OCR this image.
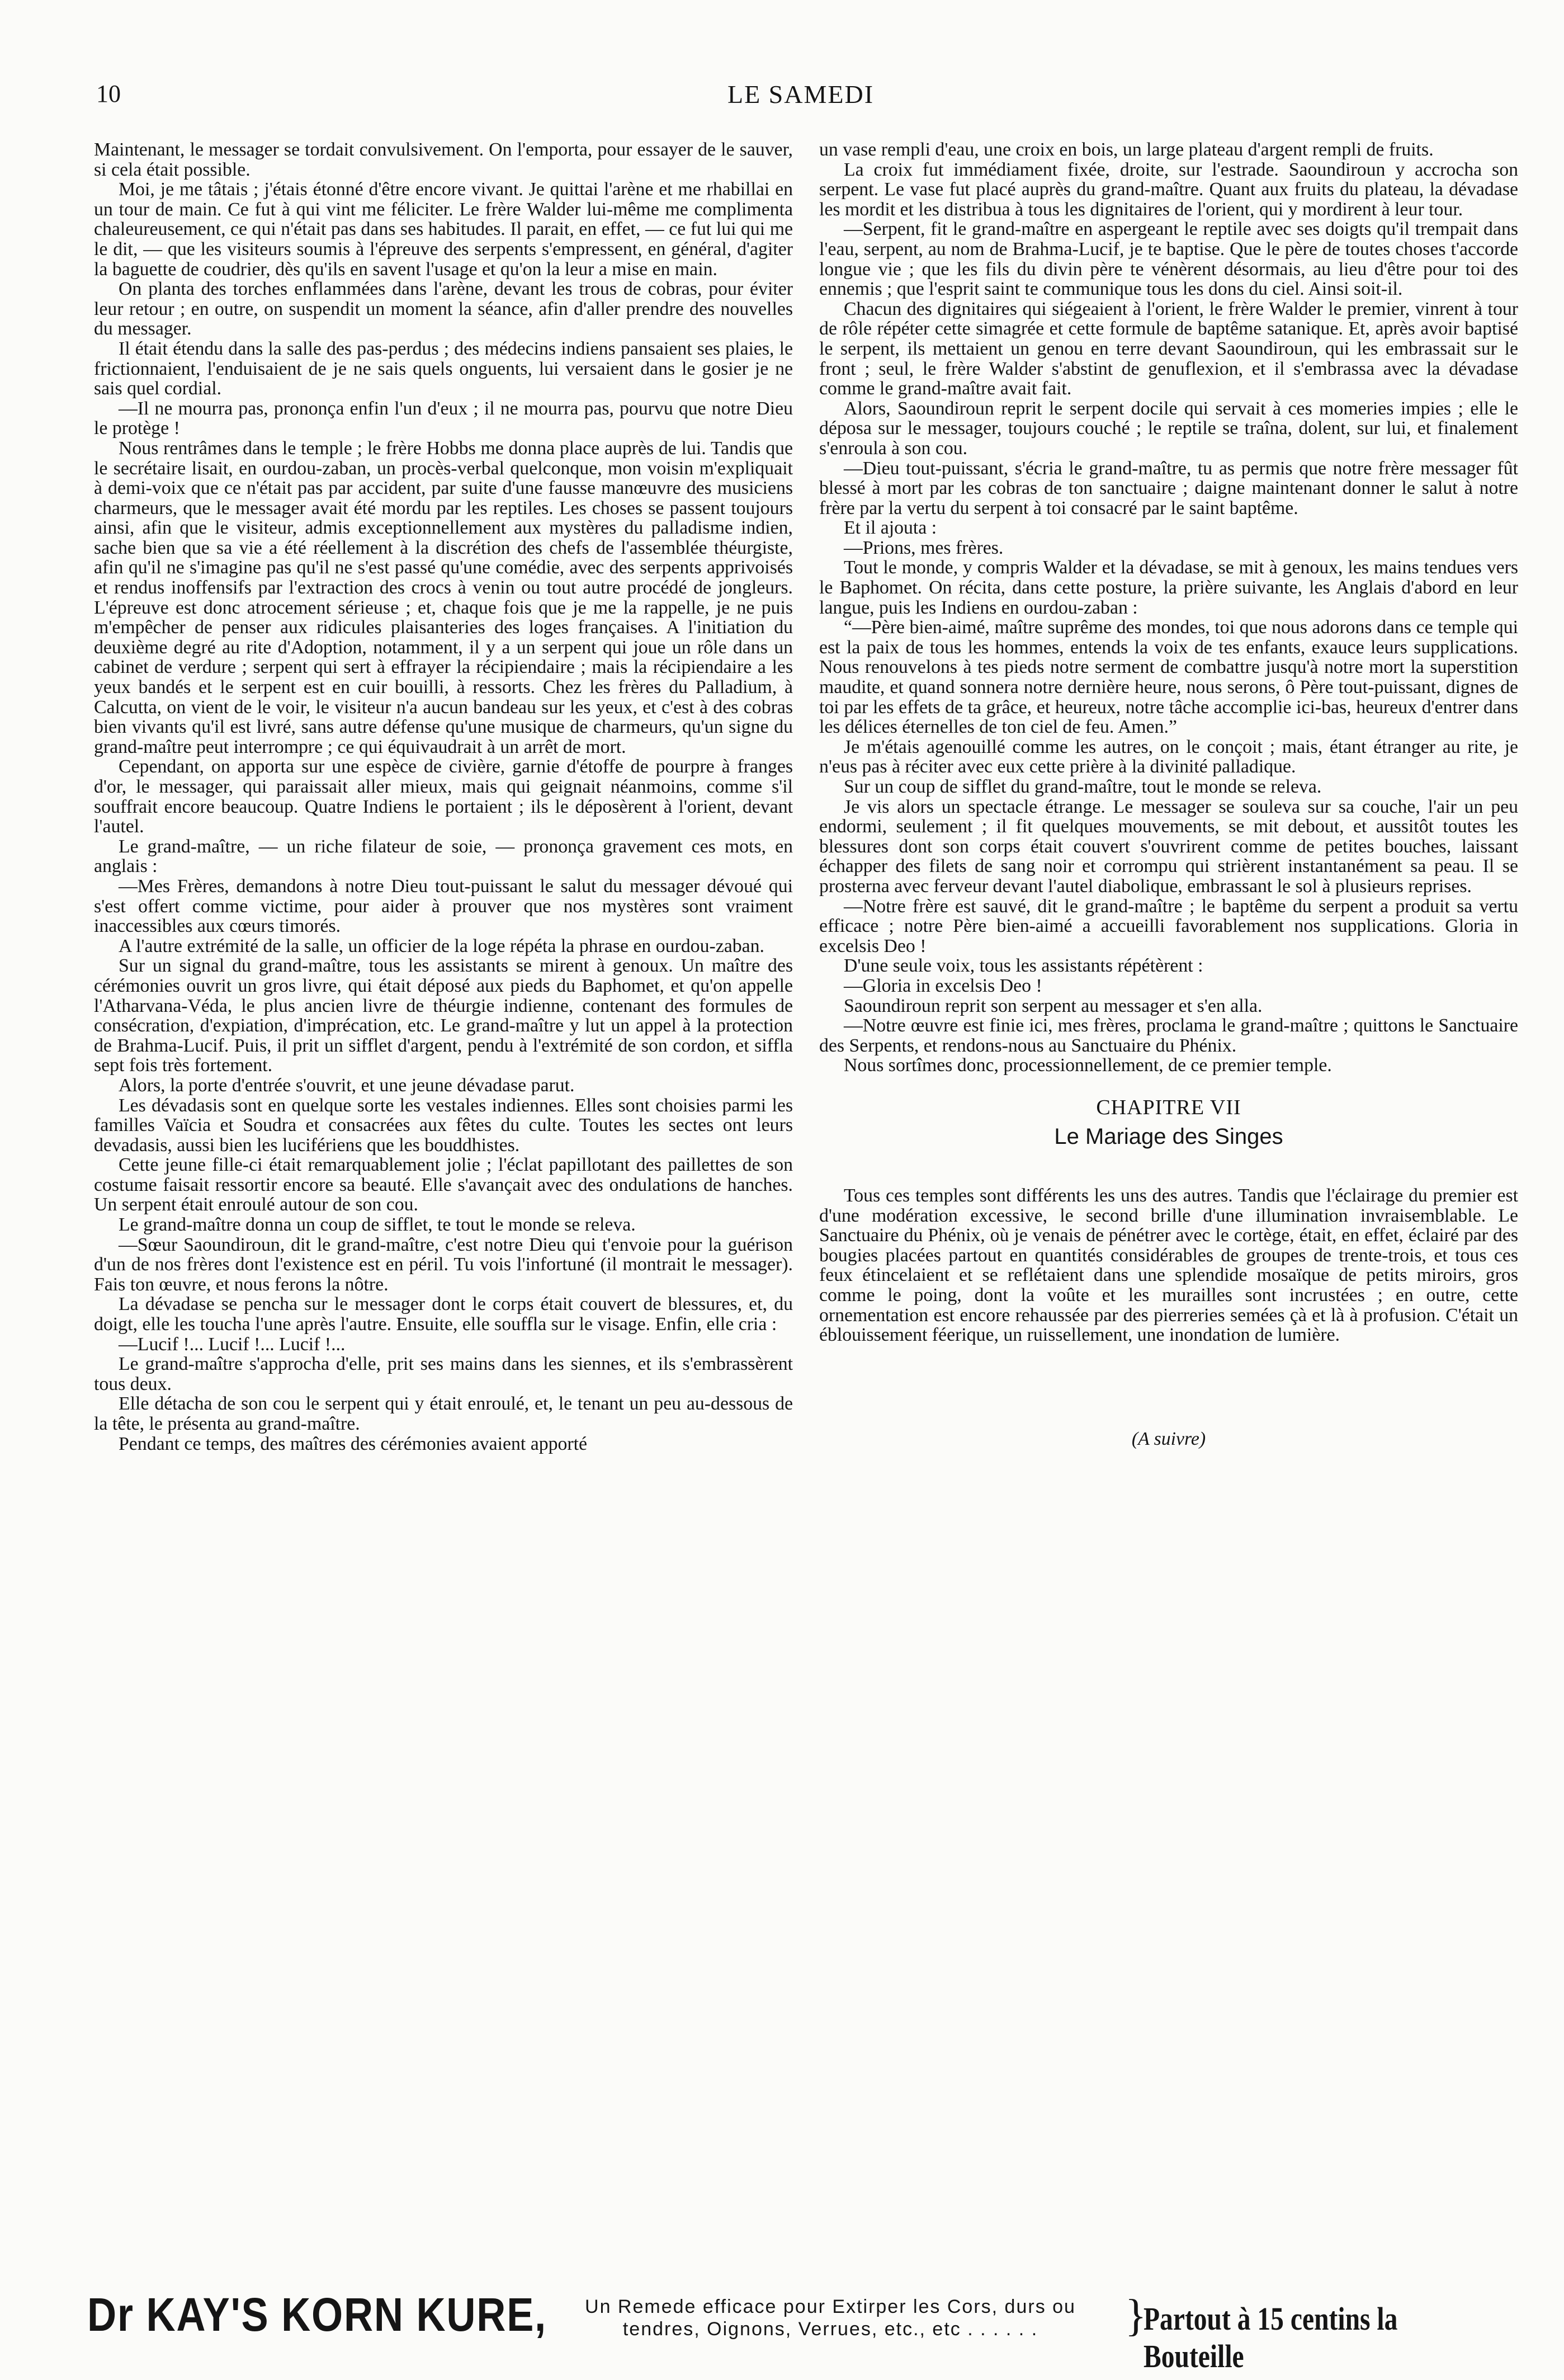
10	LE SAMEDI

Maintenant, le messager se tordait convulsivement. On l'emporta, pour essayer de le sauver, si cela était possible.

Moi, je me tâtais ; j'étais étonné d'être encore vivant. Je quittai l'arène et me rhabillai en un tour de main. Ce fut à qui vint me féliciter. Le frère Walder lui-même me complimenta chaleureusement, ce qui n'était pas dans ses habitudes. Il parait, en effet, — ce fut lui qui me le dit, — que les visiteurs soumis à l'épreuve des serpents s'empressent, en général, d'agiter la baguette de coudrier, dès qu'ils en savent l'usage et qu'on la leur a mise en main.

On planta des torches enflammées dans l'arène, devant les trous de cobras, pour éviter leur retour ; en outre, on suspendit un moment la séance, afin d'aller prendre des nouvelles du messager.

Il était étendu dans la salle des pas-perdus ; des médecins indiens pansaient ses plaies, le frictionnaient, l'enduisaient de je ne sais quels onguents, lui versaient dans le gosier je ne sais quel cordial.

—Il ne mourra pas, prononça enfin l'un d'eux ; il ne mourra pas, pourvu que notre Dieu le protège !

Nous rentrâmes dans le temple ; le frère Hobbs me donna place auprès de lui. Tandis que le secrétaire lisait, en ourdou-zaban, un procès-verbal quelconque, mon voisin m'expliquait à demi-voix que ce n'était pas par accident, par suite d'une fausse manœuvre des musiciens charmeurs, que le messager avait été mordu par les reptiles. Les choses se passent toujours ainsi, afin que le visiteur, admis exceptionnellement aux mystères du palladisme indien, sache bien que sa vie a été réellement à la discrétion des chefs de l'assemblée théurgiste, afin qu'il ne s'imagine pas qu'il ne s'est passé qu'une comédie, avec des serpents apprivoisés et rendus inoffensifs par l'extraction des crocs à venin ou tout autre procédé de jongleurs. L'épreuve est donc atrocement sérieuse ; et, chaque fois que je me la rappelle, je ne puis m'empêcher de penser aux ridicules plaisanteries des loges françaises. A l'initiation du deuxième degré au rite d'Adoption, notamment, il y a un serpent qui joue un rôle dans un cabinet de verdure ; serpent qui sert à effrayer la récipiendaire ; mais la récipiendaire a les yeux bandés et le serpent est en cuir bouilli, à ressorts. Chez les frères du Palladium, à Calcutta, on vient de le voir, le visiteur n'a aucun bandeau sur les yeux, et c'est à des cobras bien vivants qu'il est livré, sans autre défense qu'une musique de charmeurs, qu'un signe du grand-maître peut interrompre ; ce qui équivaudrait à un arrêt de mort.

Cependant, on apporta sur une espèce de civière, garnie d'étoffe de pourpre à franges d'or, le messager, qui paraissait aller mieux, mais qui geignait néanmoins, comme s'il souffrait encore beaucoup. Quatre Indiens le portaient ; ils le déposèrent à l'orient, devant l'autel.

Le grand-maître, — un riche filateur de soie, — prononça gravement ces mots, en anglais :

—Mes Frères, demandons à notre Dieu tout-puissant le salut du messager dévoué qui s'est offert comme victime, pour aider à prouver que nos mystères sont vraiment inaccessibles aux cœurs timorés.

A l'autre extrémité de la salle, un officier de la loge répéta la phrase en ourdou-zaban.

Sur un signal du grand-maître, tous les assistants se mirent à genoux. Un maître des cérémonies ouvrit un gros livre, qui était déposé aux pieds du Baphomet, et qu'on appelle l'Atharvana-Véda, le plus ancien livre de théurgie indienne, contenant des formules de consécration, d'expiation, d'imprécation, etc. Le grand-maître y lut un appel à la protection de Brahma-Lucif. Puis, il prit un sifflet d'argent, pendu à l'extrémité de son cordon, et siffla sept fois très fortement.

Alors, la porte d'entrée s'ouvrit, et une jeune dévadase parut.

Les dévadasis sont en quelque sorte les vestales indiennes. Elles sont choisies parmi les familles Vaïcia et Soudra et consacrées aux fêtes du culte. Toutes les sectes ont leurs devadasis, aussi bien les lucifériens que les bouddhistes.

Cette jeune fille-ci était remarquablement jolie ; l'éclat papillotant des paillettes de son costume faisait ressortir encore sa beauté. Elle s'avançait avec des ondulations de hanches. Un serpent était enroulé autour de son cou.

Le grand-maître donna un coup de sifflet, te tout le monde se releva.

—Sœur Saoundiroun, dit le grand-maître, c'est notre Dieu qui t'envoie pour la guérison d'un de nos frères dont l'existence est en péril. Tu vois l'infortuné (il montrait le messager). Fais ton œuvre, et nous ferons la nôtre.

La dévadase se pencha sur le messager dont le corps était couvert de blessures, et, du doigt, elle les toucha l'une après l'autre. Ensuite, elle souffla sur le visage. Enfin, elle cria :

—Lucif !... Lucif !... Lucif !...

Le grand-maître s'approcha d'elle, prit ses mains dans les siennes, et ils s'embrassèrent tous deux.

Elle détacha de son cou le serpent qui y était enroulé, et, le tenant un peu au-dessous de la tête, le présenta au grand-maître.

Pendant ce temps, des maîtres des cérémonies avaient apporté

un vase rempli d'eau, une croix en bois, un large plateau d'argent rempli de fruits.

La croix fut immédiament fixée, droite, sur l'estrade. Saoundiroun y accrocha son serpent. Le vase fut placé auprès du grand-maître. Quant aux fruits du plateau, la dévadase les mordit et les distribua à tous les dignitaires de l'orient, qui y mordirent à leur tour.

—Serpent, fit le grand-maître en aspergeant le reptile avec ses doigts qu'il trempait dans l'eau, serpent, au nom de Brahma-Lucif, je te baptise. Que le père de toutes choses t'accorde longue vie ; que les fils du divin père te vénèrent désormais, au lieu d'être pour toi des ennemis ; que l'esprit saint te communique tous les dons du ciel. Ainsi soit-il.

Chacun des dignitaires qui siégeaient à l'orient, le frère Walder le premier, vinrent à tour de rôle répéter cette simagrée et cette formule de baptême satanique. Et, après avoir baptisé le serpent, ils mettaient un genou en terre devant Saoundiroun, qui les embrassait sur le front ; seul, le frère Walder s'abstint de genuflexion, et il s'embrassa avec la dévadase comme le grand-maître avait fait.

Alors, Saoundiroun reprit le serpent docile qui servait à ces momeries impies ; elle le déposa sur le messager, toujours couché ; le reptile se traîna, dolent, sur lui, et finalement s'enroula à son cou.

—Dieu tout-puissant, s'écria le grand-maître, tu as permis que notre frère messager fût blessé à mort par les cobras de ton sanctuaire ; daigne maintenant donner le salut à notre frère par la vertu du serpent à toi consacré par le saint baptême.

Et il ajouta :

—Prions, mes frères.

Tout le monde, y compris Walder et la dévadase, se mit à genoux, les mains tendues vers le Baphomet. On récita, dans cette posture, la prière suivante, les Anglais d'abord en leur langue, puis les Indiens en ourdou-zaban :

“—Père bien-aimé, maître suprême des mondes, toi que nous adorons dans ce temple qui est la paix de tous les hommes, entends la voix de tes enfants, exauce leurs supplications. Nous renouvelons à tes pieds notre serment de combattre jusqu'à notre mort la superstition maudite, et quand sonnera notre dernière heure, nous serons, ô Père tout-puissant, dignes de toi par les effets de ta grâce, et heureux, notre tâche accomplie ici-bas, heureux d'entrer dans les délices éternelles de ton ciel de feu. Amen.”

Je m'étais agenouillé comme les autres, on le conçoit ; mais, étant étranger au rite, je n'eus pas à réciter avec eux cette prière à la divinité palladique.

Sur un coup de sifflet du grand-maître, tout le monde se releva.

Je vis alors un spectacle étrange. Le messager se souleva sur sa couche, l'air un peu endormi, seulement ; il fit quelques mouvements, se mit debout, et aussitôt toutes les blessures dont son corps était couvert s'ouvrirent comme de petites bouches, laissant échapper des filets de sang noir et corrompu qui strièrent instantanément sa peau. Il se prosterna avec ferveur devant l'autel diabolique, embrassant le sol à plusieurs reprises.

—Notre frère est sauvé, dit le grand-maître ; le baptême du serpent a produit sa vertu efficace ; notre Père bien-aimé a accueilli favorablement nos supplications. Gloria in excelsis Deo !

D'une seule voix, tous les assistants répétèrent :

—Gloria in excelsis Deo !

Saoundiroun reprit son serpent au messager et s'en alla.

—Notre œuvre est finie ici, mes frères, proclama le grand-maître ; quittons le Sanctuaire des Serpents, et rendons-nous au Sanctuaire du Phénix.

Nous sortîmes donc, processionnellement, de ce premier temple.

CHAPITRE VII
Le Mariage des Singes

Tous ces temples sont différents les uns des autres. Tandis que l'éclairage du premier est d'une modération excessive, le second brille d'une illumination invraisemblable. Le Sanctuaire du Phénix, où je venais de pénétrer avec le cortège, était, en effet, éclairé par des bougies placées partout en quantités considérables de groupes de trente-trois, et tous ces feux étincelaient et se reflétaient dans une splendide mosaïque de petits miroirs, gros comme le poing, dont la voûte et les murailles sont incrustées ; en outre, cette ornementation est encore rehaussée par des pierreries semées çà et là à profusion. C'était un éblouissement féerique, un ruissellement, une inondation de lumière.

(A suivre)
Dr KAY'S KORN KURE,	Un Remede efficace pour Extirper les Cors, durs ou
tendres, Oignons, Verrues, etc., etc . . . . . .	}
Partout à 15 centins la Bouteille
